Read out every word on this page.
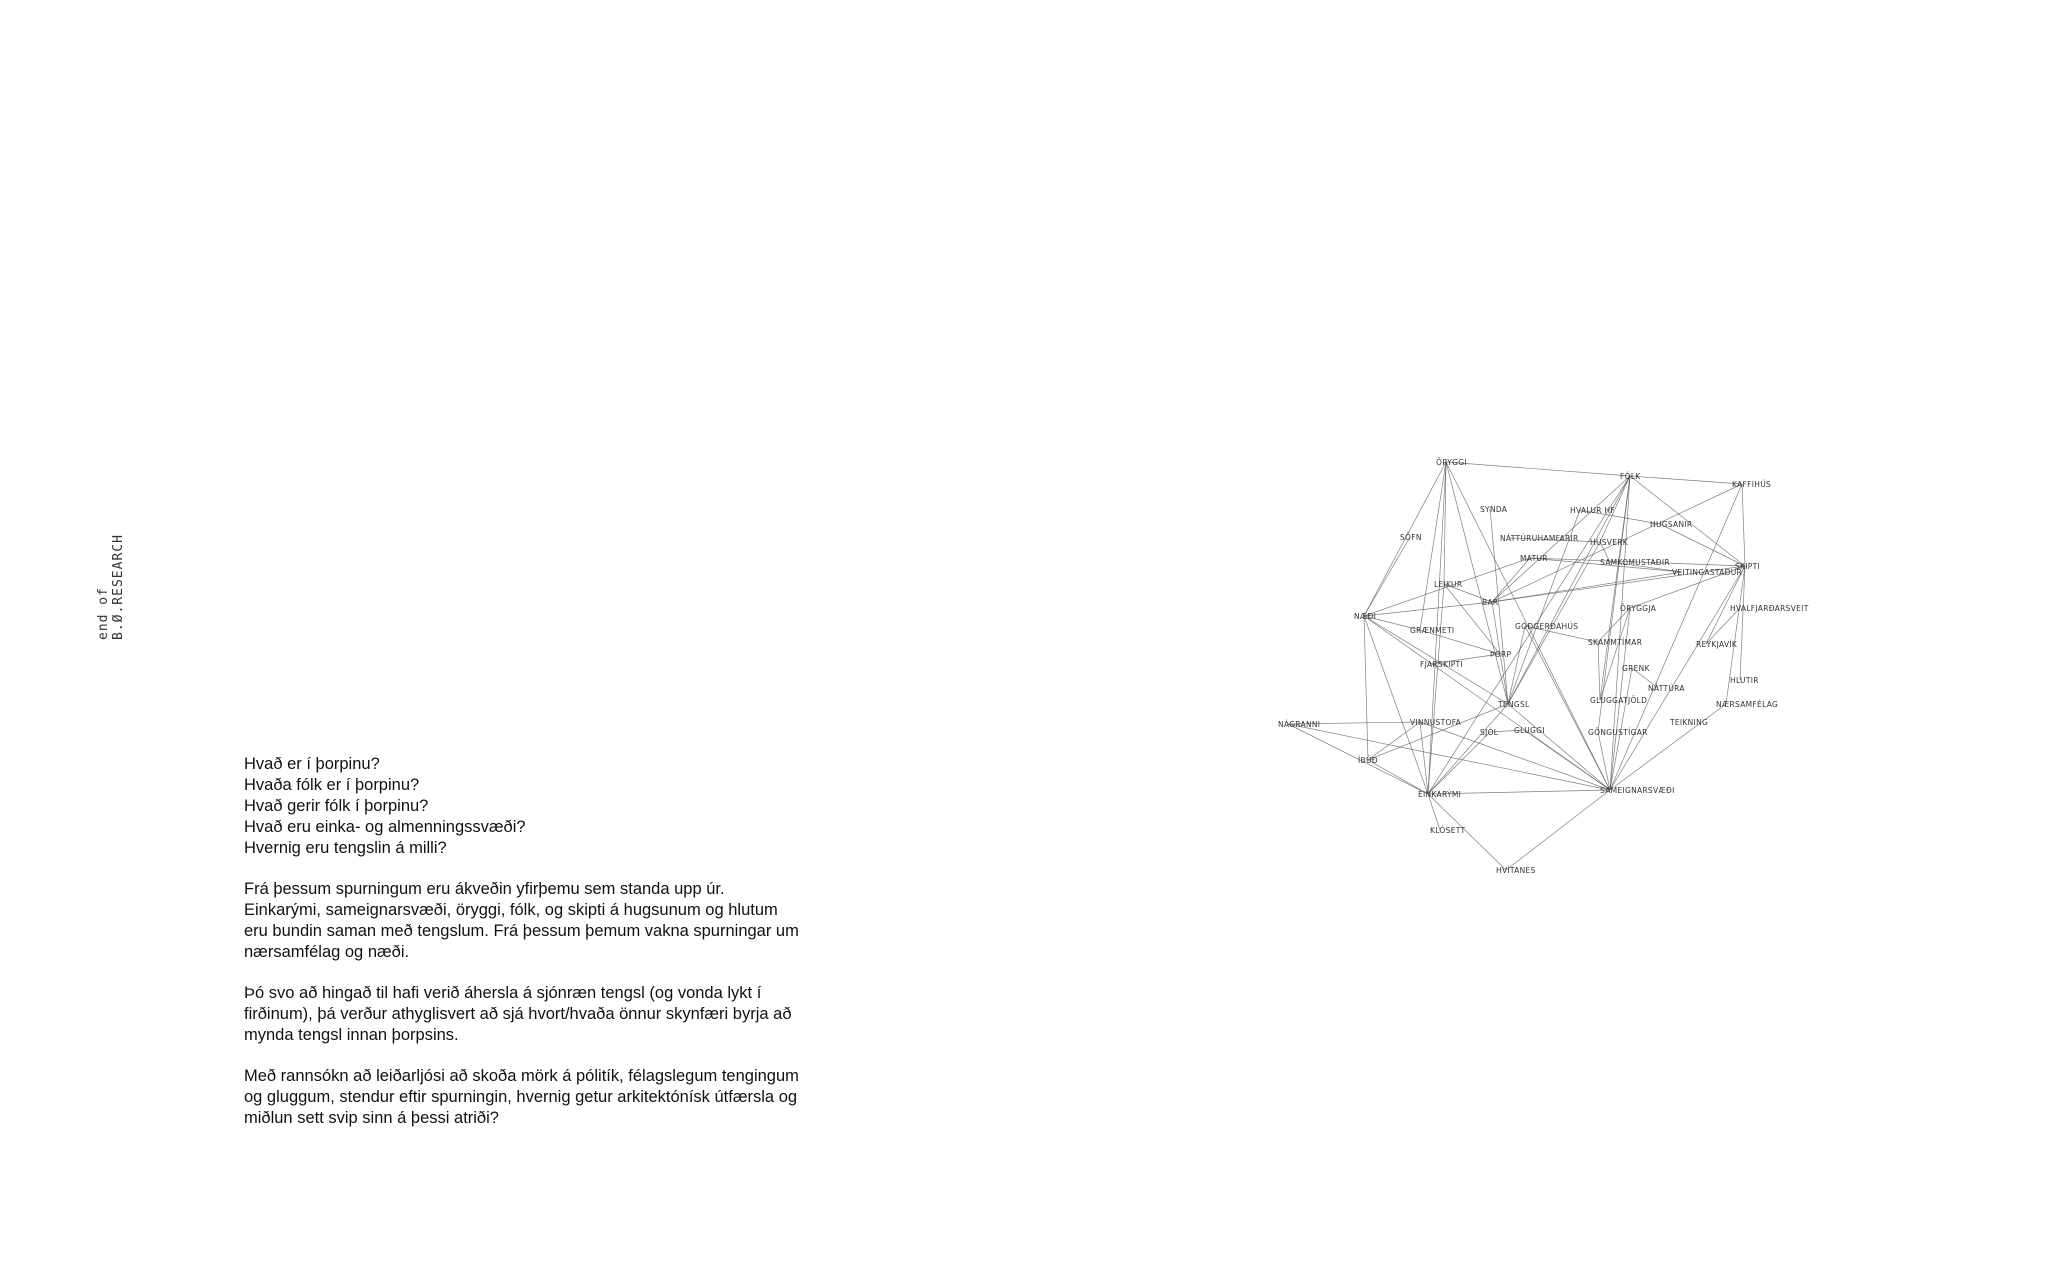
end of B.Ø.RESEARCH

Hvað er í þorpinu?
Hvaða fólk er í þorpinu?
Hvað gerir fólk í þorpinu?
Hvað eru einka- og almenningssvæði?
Hvernig eru tengslin á milli?

Frá þessum spurningum eru ákveðin yfirþemu sem standa upp úr. Einkarými, sameignarsvæði, öryggi, fólk, og skipti á hugsunum og hlutum eru bundin saman með tengslum. Frá þessum þemum vakna spurningar um nærsamfélag og næði.

Þó svo að hingað til hafi verið áhersla á sjónræn tengsl (og vonda lykt í firðinum), þá verður athyglisvert að sjá hvort/hvaða önnur skynfæri byrja að mynda tengsl innan þorpsins.

Með rannsókn að leiðarljósi að skoða mörk á pólitík, félagslegum tengingum og gluggum, stendur eftir spurningin, hvernig getur arkitektónísk útfærsla og miðlun sett svip sinn á þessi atriði?

ÖRYGGI
FÓLK
KAFFIHÚS
SYNDA	HVALUR HF
HUGSANIR
SÖFN	NÁTTÚRUHAMFARIR HÚSVERK
MATUR	SAMKOMUSTAÐIR	SKIPTI
LEIKUR
VEITINGASTAÐUR
BAR
NÆÐI
GRÆNMETI	GÓÐGERÐAHÚS
ÖRYGGJA	HVALFJARÐARSVEIT
REYKJAVÍK
SKAMMTÍMAR
ÞORP
FJARSKIPTI	GRENK
HLUTIR
NÁTTÚRA
TENGSL	GLUGGATJÖLD	NÆRSAMFÉLAG
NÁGRANNI	VINNUSTOFA
SJÓL GLUGGI	GÖNGUSTÍGAR
TEIKNING
ÍBÚÐ
EINKARÝMI	SAMEIGNARSVÆÐI
KLÓSETT
HVÍTANES
